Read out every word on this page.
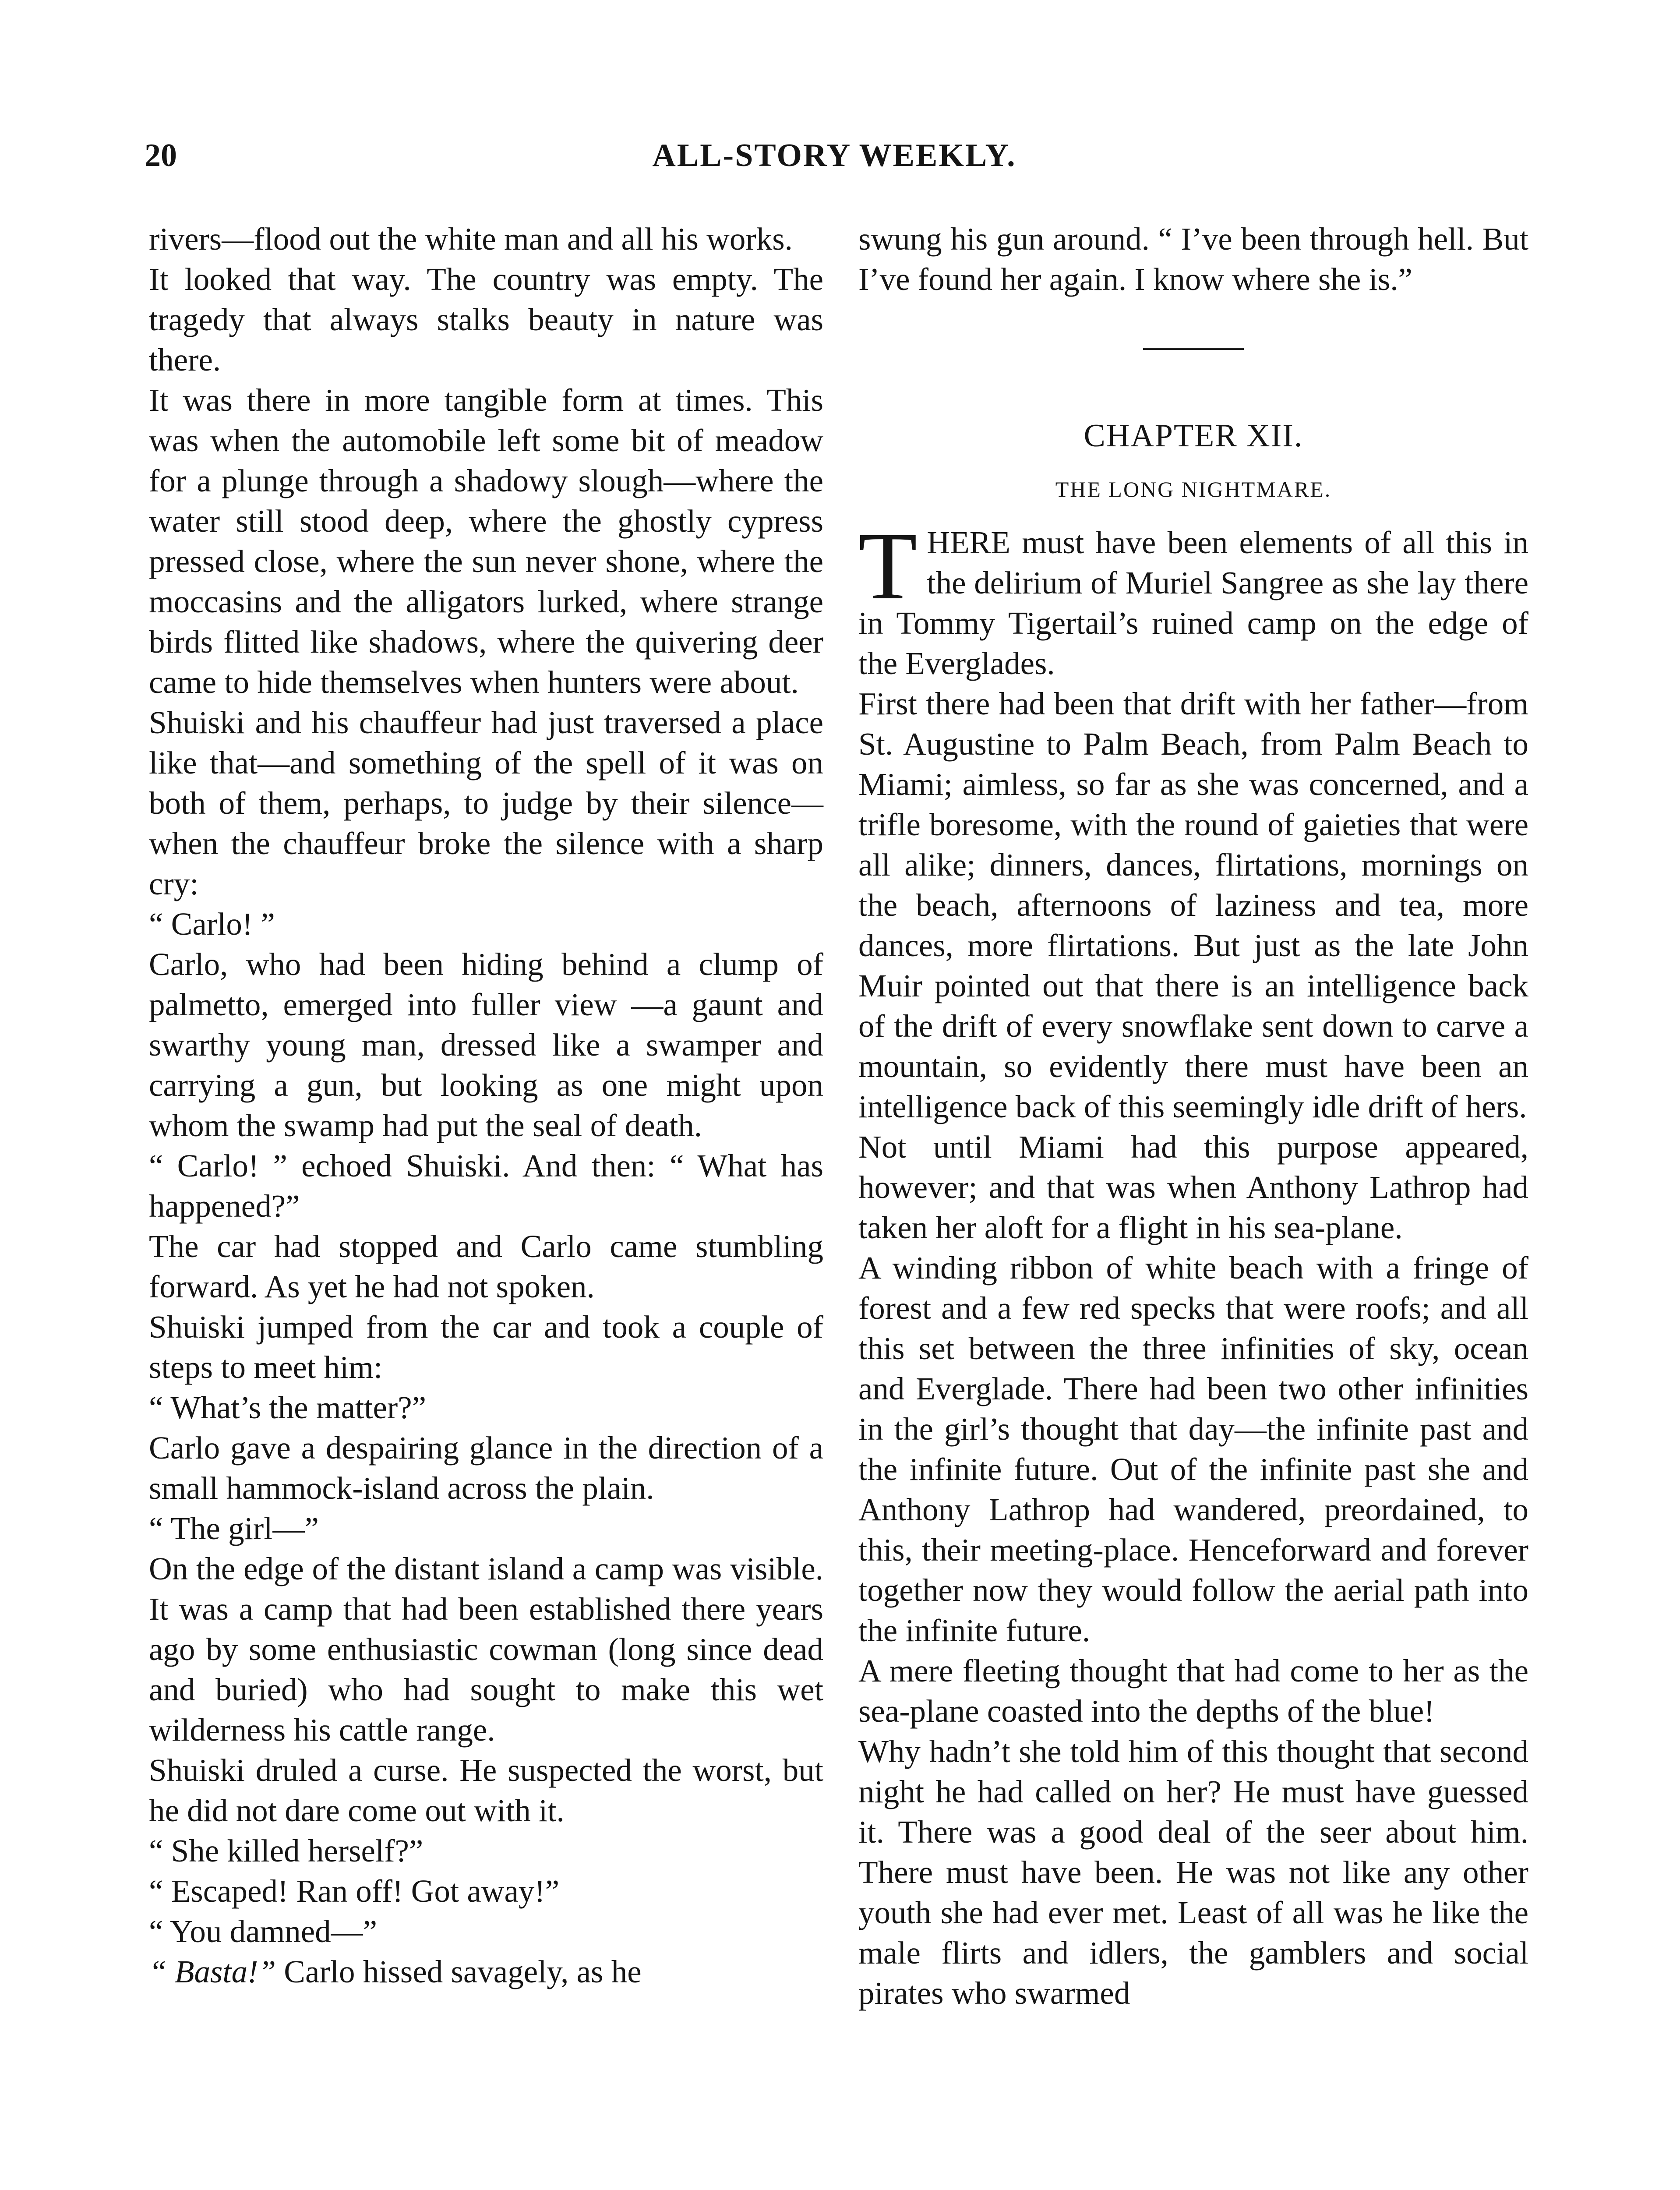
20	ALL-STORY WEEKLY.

rivers—flood out the white man and all his works.

It looked that way. The country was empty. The tragedy that always stalks beauty in nature was there.

It was there in more tangible form at times. This was when the automobile left some bit of meadow for a plunge through a shadowy slough—where the water still stood deep, where the ghostly cypress pressed close, where the sun never shone, where the moccasins and the alligators lurked, where strange birds flitted like shadows, where the quivering deer came to hide themselves when hunters were about.

Shuiski and his chauffeur had just traversed a place like that—and something of the spell of it was on both of them, perhaps, to judge by their silence—when the chauffeur broke the silence with a sharp cry:

“ Carlo! ”

Carlo, who had been hiding behind a clump of palmetto, emerged into fuller view —a gaunt and swarthy young man, dressed like a swamper and carrying a gun, but looking as one might upon whom the swamp had put the seal of death.

“ Carlo! ” echoed Shuiski. And then: “ What has happened?”

The car had stopped and Carlo came stumbling forward. As yet he had not spoken.

Shuiski jumped from the car and took a couple of steps to meet him:

“ What’s the matter?”

Carlo gave a despairing glance in the direction of a small hammock-island across the plain.

“ The girl—”

On the edge of the distant island a camp was visible. It was a camp that had been established there years ago by some enthusiastic cowman (long since dead and buried) who had sought to make this wet wilderness his cattle range.

Shuiski druled a curse. He suspected the worst, but he did not dare come out with it.

“ She killed herself?”

“ Escaped! Ran off! Got away!”

“ You damned—”

“ Basta!” Carlo hissed savagely, as he

swung his gun around. “ I’ve been through hell. But I’ve found her again. I know where she is.”

CHAPTER XII.
THE LONG NIGHTMARE.

THERE must have been elements of all this in the delirium of Muriel Sangree as she lay there in Tommy Tigertail’s ruined camp on the edge of the Everglades.

First there had been that drift with her father—from St. Augustine to Palm Beach, from Palm Beach to Miami; aimless, so far as she was concerned, and a trifle boresome, with the round of gaieties that were all alike; dinners, dances, flirtations, mornings on the beach, afternoons of laziness and tea, more dances, more flirtations. But just as the late John Muir pointed out that there is an intelligence back of the drift of every snowflake sent down to carve a mountain, so evidently there must have been an intelligence back of this seemingly idle drift of hers.

Not until Miami had this purpose appeared, however; and that was when Anthony Lathrop had taken her aloft for a flight in his sea-plane.

A winding ribbon of white beach with a fringe of forest and a few red specks that were roofs; and all this set between the three infinities of sky, ocean and Everglade. There had been two other infinities in the girl’s thought that day—the infinite past and the infinite future. Out of the infinite past she and Anthony Lathrop had wandered, preordained, to this, their meeting-place. Henceforward and forever together now they would follow the aerial path into the infinite future.

A mere fleeting thought that had come to her as the sea-plane coasted into the depths of the blue!

Why hadn’t she told him of this thought that second night he had called on her? He must have guessed it. There was a good deal of the seer about him. There must have been. He was not like any other youth she had ever met. Least of all was he like the male flirts and idlers, the gamblers and social pirates who swarmed
